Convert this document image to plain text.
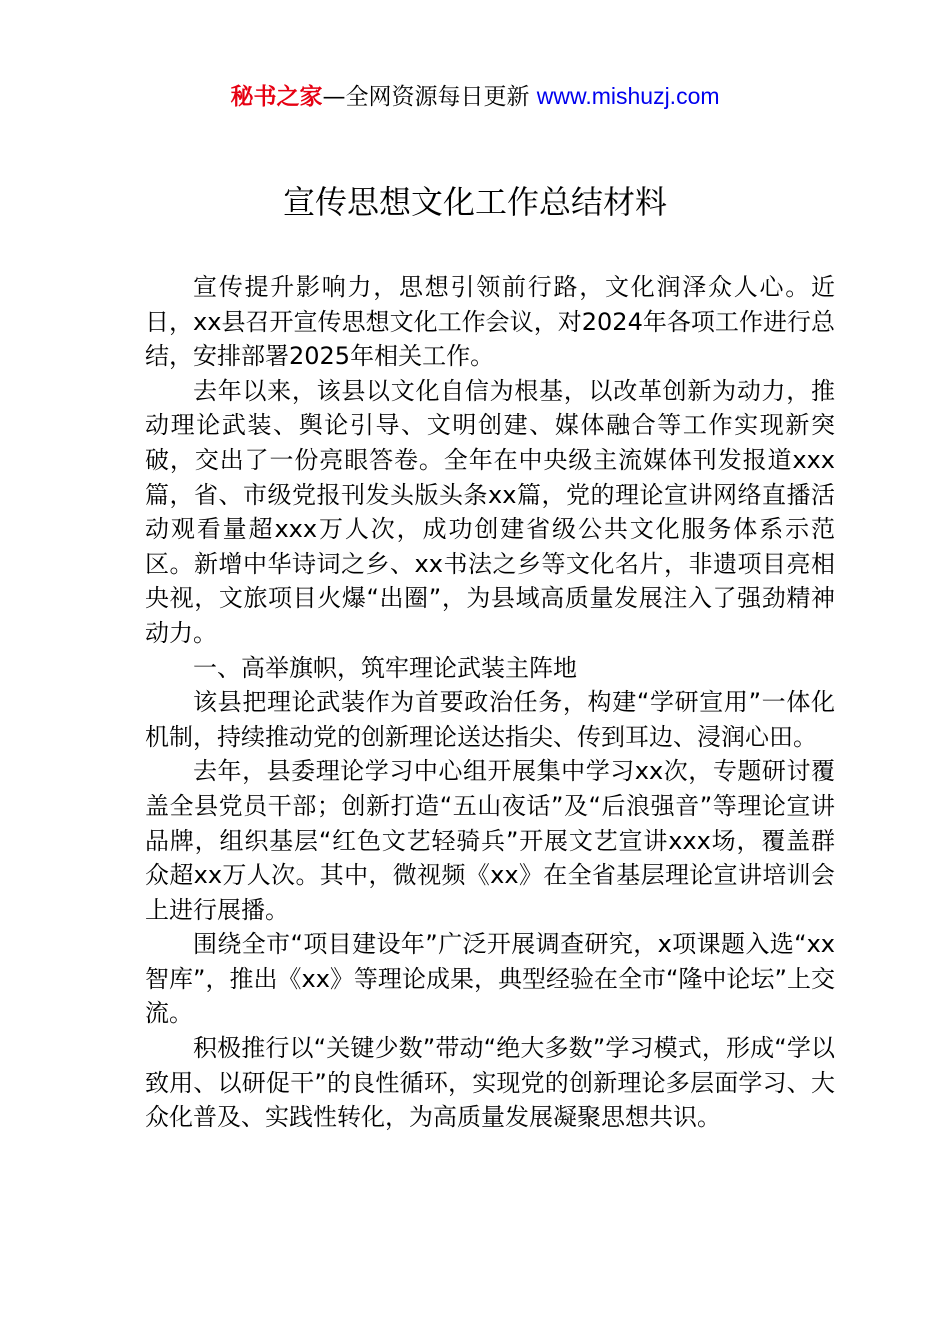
秘书之家—全网资源每日更新 www.mishuzj.com
宣传思想文化工作总结材料

宣传提升影响力，思想引领前行路，文化润泽众人心。近日，xx县召开宣传思想文化工作会议，对2024年各项工作进行总结，安排部署2025年相关工作。

去年以来，该县以文化自信为根基，以改革创新为动力，推动理论武装、舆论引导、文明创建、媒体融合等工作实现新突破，交出了一份亮眼答卷。全年在中央级主流媒体刊发报道xxx篇，省、市级党报刊发头版头条xx篇，党的理论宣讲网络直播活动观看量超xxx万人次，成功创建省级公共文化服务体系示范区。新增中华诗词之乡、xx书法之乡等文化名片，非遗项目亮相央视，文旅项目火爆“出圈”，为县域高质量发展注入了强劲精神动力。

一、高举旗帜，筑牢理论武装主阵地

该县把理论武装作为首要政治任务，构建“学研宣用”一体化机制，持续推动党的创新理论送达指尖、传到耳边、浸润心田。

去年，县委理论学习中心组开展集中学习xx次，专题研讨覆盖全县党员干部；创新打造“五山夜话”及“后浪强音”等理论宣讲品牌，组织基层“红色文艺轻骑兵”开展文艺宣讲xxx场，覆盖群众超xx万人次。其中，微视频《xx》在全省基层理论宣讲培训会上进行展播。

围绕全市“项目建设年”广泛开展调查研究，x项课题入选“xx智库”，推出《xx》等理论成果，典型经验在全市“隆中论坛”上交流。

积极推行以“关键少数”带动“绝大多数”学习模式，形成“学以致用、以研促干”的良性循环，实现党的创新理论多层面学习、大众化普及、实践性转化，为高质量发展凝聚思想共识。
